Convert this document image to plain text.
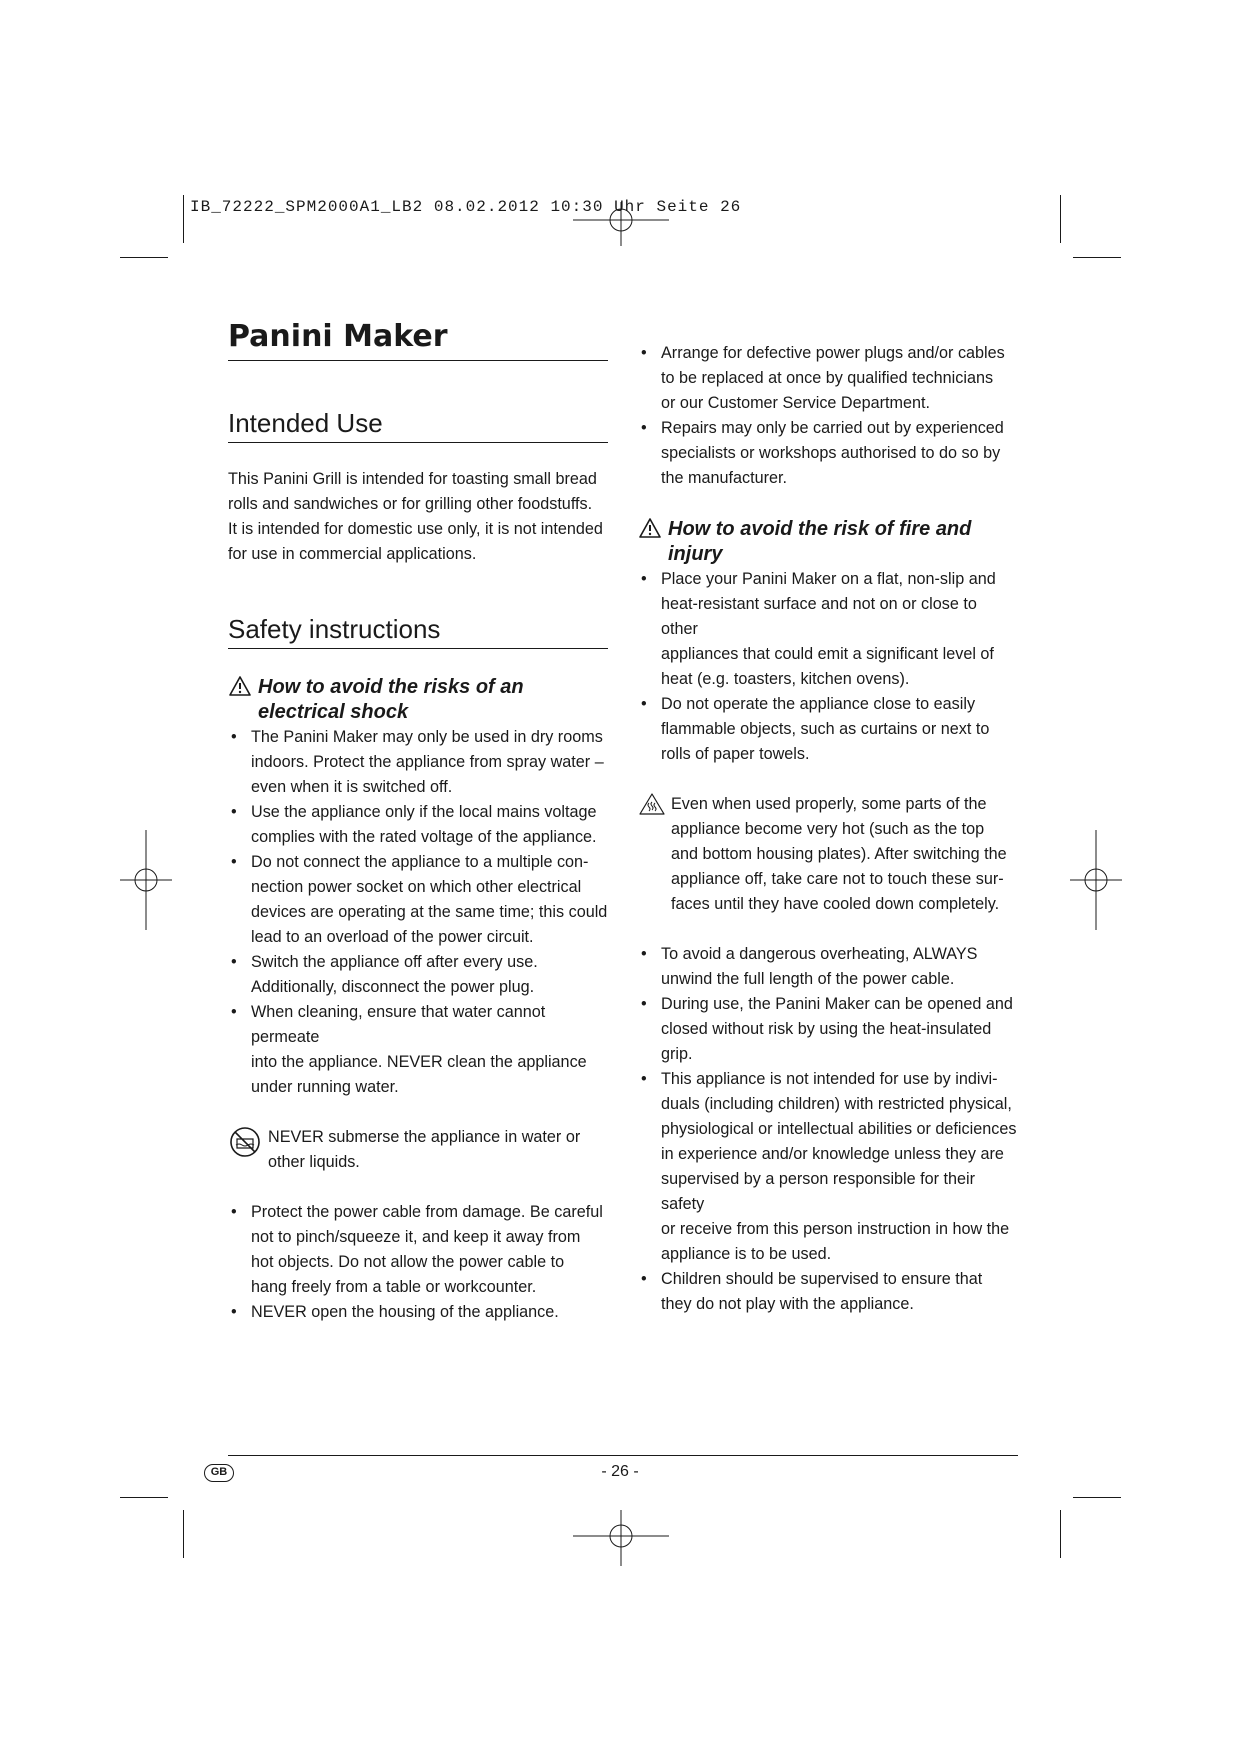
IB_72222_SPM2000A1_LB2 08.02.2012 10:30 Uhr Seite 26
Panini Maker
Intended Use

This Panini Grill is intended for toasting small bread
rolls and sandwiches or for grilling other foodstuffs.
It is intended for domestic use only, it is not intended
for use in commercial applications.

Safety instructions
How to avoid the risks of an
electrical shock
• The Panini Maker may only be used in dry rooms
indoors. Protect the appliance from spray water –
even when it is switched off.
• Use the appliance only if the local mains voltage
complies with the rated voltage of the appliance.
• Do not connect the appliance to a multiple con-
nection power socket on which other electrical
devices are operating at the same time; this could
lead to an overload of the power circuit.
• Switch the appliance off after every use.
Additionally, disconnect the power plug.
• When cleaning, ensure that water cannot permeate
into the appliance. NEVER clean the appliance
under running water.
NEVER submerse the appliance in water or
other liquids.
• Protect the power cable from damage. Be careful
not to pinch/squeeze it, and keep it away from
hot objects. Do not allow the power cable to
hang freely from a table or workcounter.
• NEVER open the housing of the appliance.
• Arrange for defective power plugs and/or cables
to be replaced at once by qualified technicians
or our Customer Service Department.
• Repairs may only be carried out by experienced
specialists or workshops authorised to do so by
the manufacturer.
How to avoid the risk of fire and
injury
• Place your Panini Maker on a flat, non-slip and
heat-resistant surface and not on or close to other
appliances that could emit a significant level of
heat (e.g. toasters, kitchen ovens).
• Do not operate the appliance close to easily
flammable objects, such as curtains or next to
rolls of paper towels.
Even when used properly, some parts of the
appliance become very hot (such as the top
and bottom housing plates). After switching the
appliance off, take care not to touch these sur-
faces until they have cooled down completely.
• To avoid a dangerous overheating, ALWAYS
unwind the full length of the power cable.
• During use, the Panini Maker can be opened and
closed without risk by using the heat-insulated grip.
• This appliance is not intended for use by indivi-
duals (including children) with restricted physical,
physiological or intellectual abilities or deficiences
in experience and/or knowledge unless they are
supervised by a person responsible for their safety
or receive from this person instruction in how the
appliance is to be used.
• Children should be supervised to ensure that
they do not play with the appliance.
GB	- 26 -
